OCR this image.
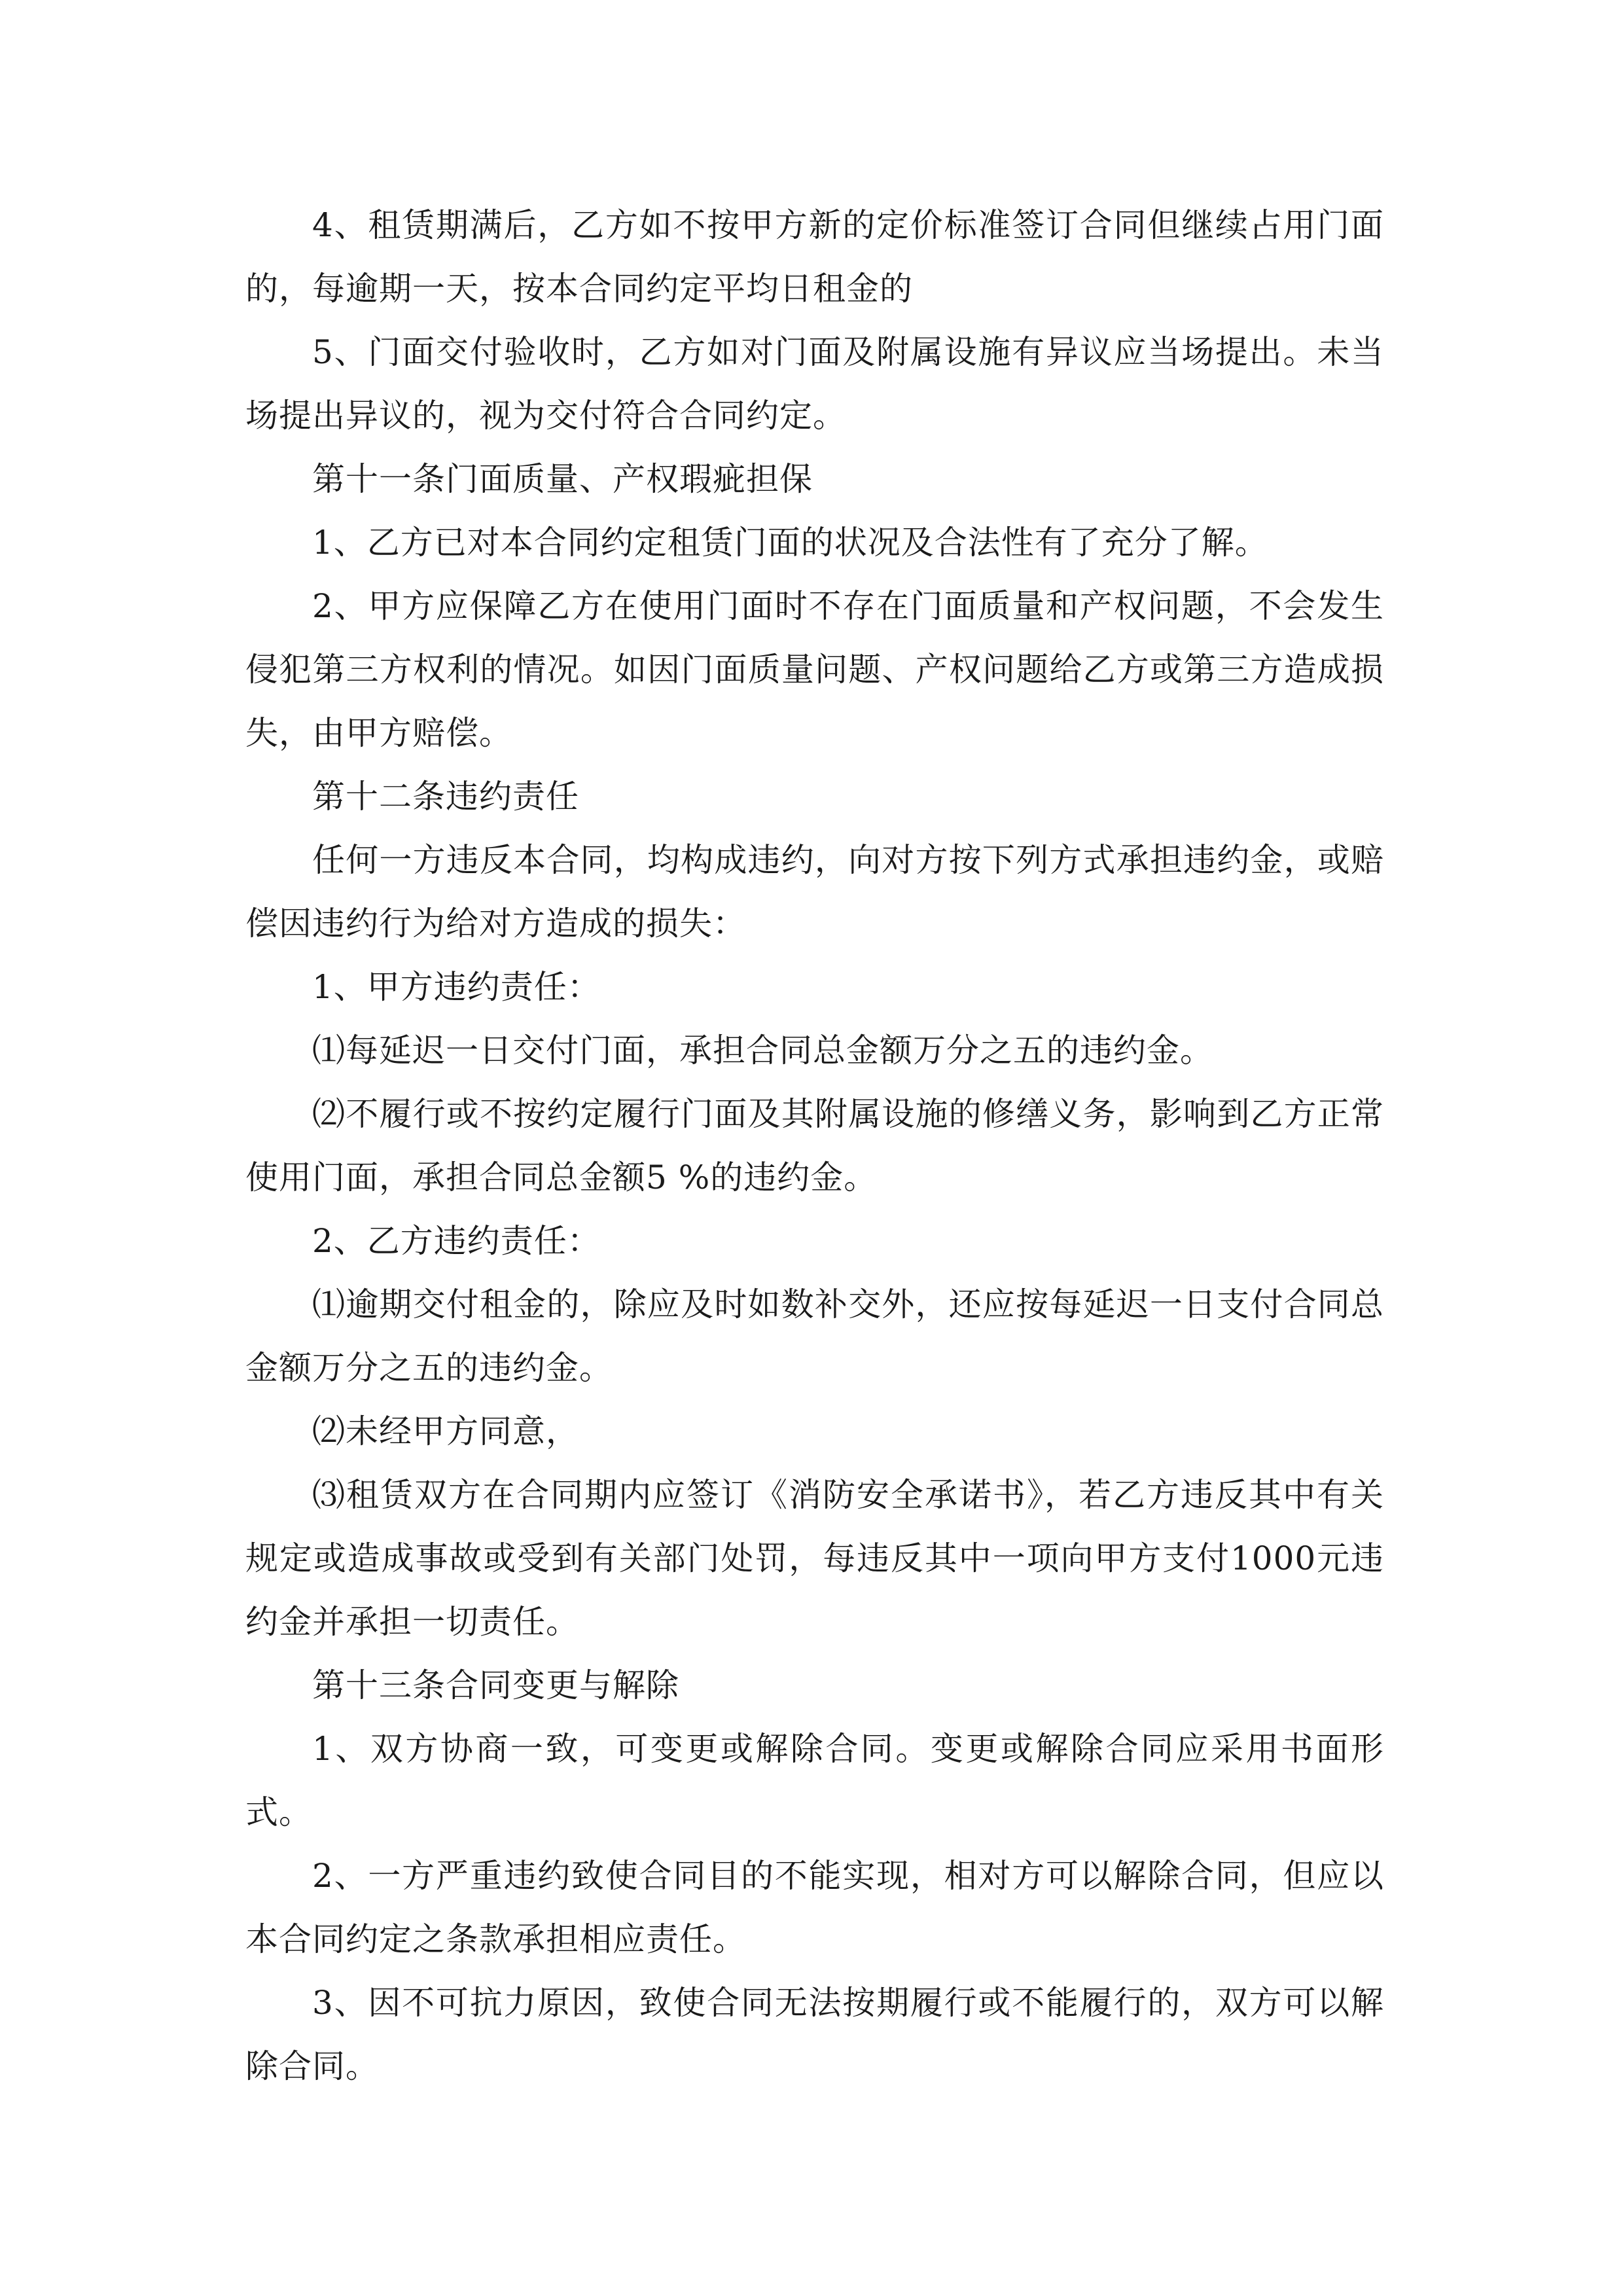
4、租赁期满后，乙方如不按甲方新的定价标准签订合同但继续占用门面的，每逾期一天，按本合同约定平均日租金的

5、门面交付验收时，乙方如对门面及附属设施有异议应当场提出。未当场提出异议的，视为交付符合合同约定。

第十一条门面质量、产权瑕疵担保

1、乙方已对本合同约定租赁门面的状况及合法性有了充分了解。

2、甲方应保障乙方在使用门面时不存在门面质量和产权问题，不会发生侵犯第三方权利的情况。如因门面质量问题、产权问题给乙方或第三方造成损失，由甲方赔偿。

第十二条违约责任

任何一方违反本合同，均构成违约，向对方按下列方式承担违约金，或赔偿因违约行为给对方造成的损失：

1、甲方违约责任：

⑴每延迟一日交付门面，承担合同总金额万分之五的违约金。

⑵不履行或不按约定履行门面及其附属设施的修缮义务，影响到乙方正常使用门面，承担合同总金额5 %的违约金。

2、乙方违约责任：

⑴逾期交付租金的，除应及时如数补交外，还应按每延迟一日支付合同总金额万分之五的违约金。

⑵未经甲方同意，

⑶租赁双方在合同期内应签订《消防安全承诺书》，若乙方违反其中有关规定或造成事故或受到有关部门处罚，每违反其中一项向甲方支付1000元违约金并承担一切责任。

第十三条合同变更与解除

1、双方协商一致，可变更或解除合同。变更或解除合同应采用书面形式。

2、一方严重违约致使合同目的不能实现，相对方可以解除合同，但应以本合同约定之条款承担相应责任。

3、因不可抗力原因，致使合同无法按期履行或不能履行的，双方可以解除合同。
